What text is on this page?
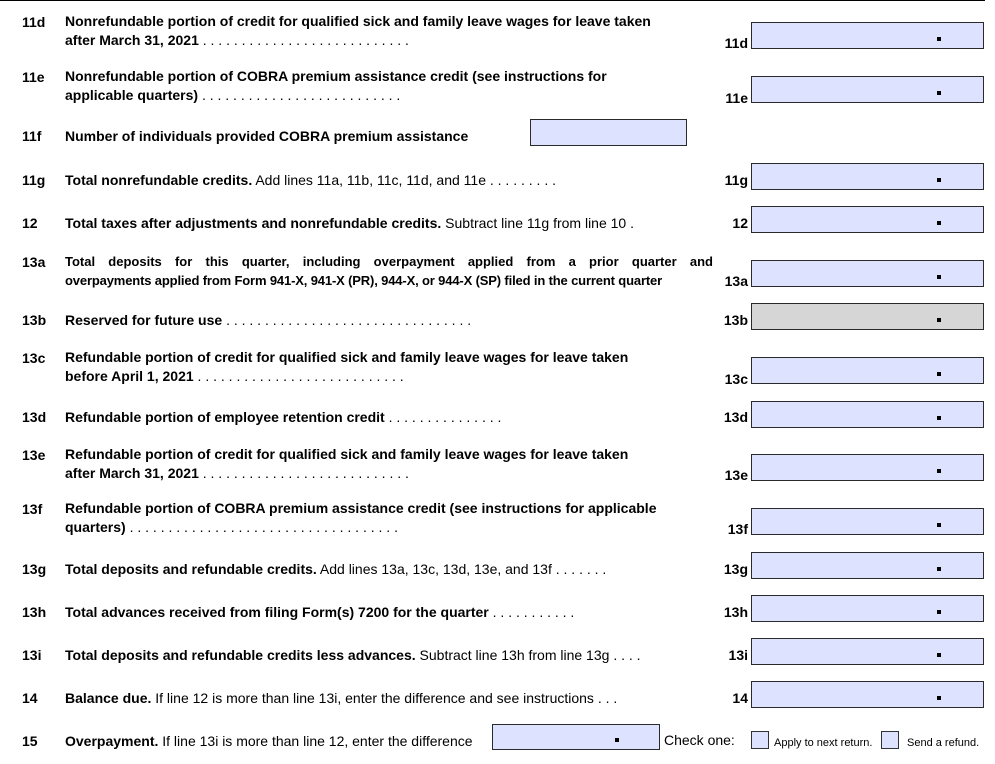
11d Nonrefundable portion of credit for qualified sick and family leave wages for leave taken
after March 31, 2021 . . . . . . . . . . . . . . . . . . . . . . . . . . .	11d
11e Nonrefundable portion of COBRA premium assistance credit (see instructions for
applicable quarters) . . . . . . . . . . . . . . . . . . . . . . . . . .	11e
11f Number of individuals provided COBRA premium assistance
11g Total nonrefundable credits. Add lines 11a, 11b, 11c, 11d, and 11e . . . . . . . . .	11g
12 Total taxes after adjustments and nonrefundable credits. Subtract line 11g from line 10 .	12
13a Total deposits for this quarter, including overpayment applied from a prior quarter and
overpayments applied from Form 941-X, 941-X (PR), 944-X, or 944-X (SP) filed in the current quarter	13a
13b Reserved for future use . . . . . . . . . . . . . . . . . . . . . . . . . . . . . . . .	13b
13c Refundable portion of credit for qualified sick and family leave wages for leave taken
before April 1, 2021 . . . . . . . . . . . . . . . . . . . . . . . . . . .	13c
13d Refundable portion of employee retention credit . . . . . . . . . . . . . . .	13d
13e Refundable portion of credit for qualified sick and family leave wages for leave taken
after March 31, 2021 . . . . . . . . . . . . . . . . . . . . . . . . . . .	13e
13f Refundable portion of COBRA premium assistance credit (see instructions for applicable
quarters) . . . . . . . . . . . . . . . . . . . . . . . . . . . . . . . . . . .	13f
13g Total deposits and refundable credits. Add lines 13a, 13c, 13d, 13e, and 13f . . . . . . .	13g
13h Total advances received from filing Form(s) 7200 for the quarter . . . . . . . . . . .	13h
13i Total deposits and refundable credits less advances. Subtract line 13h from line 13g . . . .	13i
14 Balance due. If line 12 is more than line 13i, enter the difference and see instructions . . .	14
15 Overpayment. If line 13i is more than line 12, enter the difference	Check one:	Apply to next return.	Send a refund.
